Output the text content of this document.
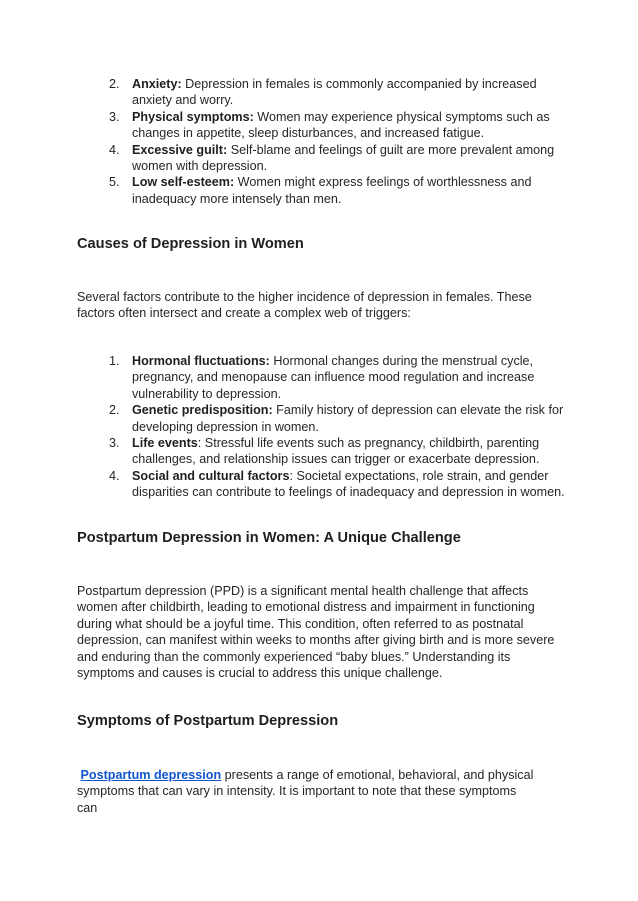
2. Anxiety: Depression in females is commonly accompanied by increased anxiety and worry.
3. Physical symptoms: Women may experience physical symptoms such as changes in appetite, sleep disturbances, and increased fatigue.
4. Excessive guilt: Self-blame and feelings of guilt are more prevalent among women with depression.
5. Low self-esteem: Women might express feelings of worthlessness and inadequacy more intensely than men.
Causes of Depression in Women

Several factors contribute to the higher incidence of depression in females. These factors often intersect and create a complex web of triggers:

1. Hormonal fluctuations: Hormonal changes during the menstrual cycle, pregnancy, and menopause can influence mood regulation and increase vulnerability to depression.
2. Genetic predisposition: Family history of depression can elevate the risk for developing depression in women.
3. Life events: Stressful life events such as pregnancy, childbirth, parenting challenges, and relationship issues can trigger or exacerbate depression.
4. Social and cultural factors: Societal expectations, role strain, and gender disparities can contribute to feelings of inadequacy and depression in women.
Postpartum Depression in Women: A Unique Challenge

Postpartum depression (PPD) is a significant mental health challenge that affects women after childbirth, leading to emotional distress and impairment in functioning during what should be a joyful time. This condition, often referred to as postnatal depression, can manifest within weeks to months after giving birth and is more severe and enduring than the commonly experienced “baby blues.” Understanding its symptoms and causes is crucial to address this unique challenge.

Symptoms of Postpartum Depression

Postpartum depression presents a range of emotional, behavioral, and physical symptoms that can vary in intensity. It is important to note that these symptoms can
